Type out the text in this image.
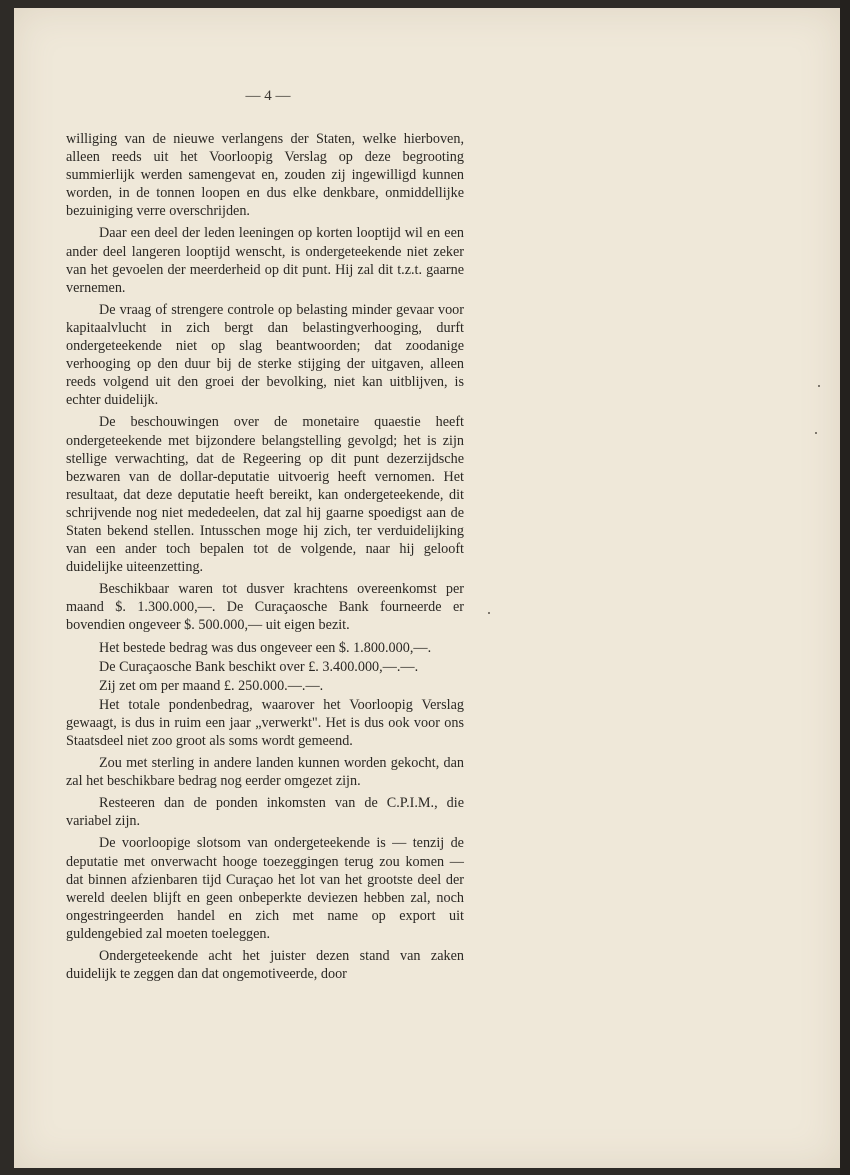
— 4 —

williging van de nieuwe verlangens der Staten, welke hierboven, alleen reeds uit het Voorloopig Verslag op deze begrooting summierlijk werden samengevat en, zouden zij ingewilligd kunnen worden, in de tonnen loopen en dus elke denkbare, onmiddellijke bezuiniging verre overschrijden.

Daar een deel der leden leeningen op korten looptijd wil en een ander deel langeren looptijd wenscht, is ondergeteekende niet zeker van het gevoelen der meerderheid op dit punt. Hij zal dit t.z.t. gaarne vernemen.

De vraag of strengere controle op belasting minder gevaar voor kapitaalvlucht in zich bergt dan belastingverhooging, durft ondergeteekende niet op slag beantwoorden; dat zoodanige verhooging op den duur bij de sterke stijging der uitgaven, alleen reeds volgend uit den groei der bevolking, niet kan uitblijven, is echter duidelijk.

De beschouwingen over de monetaire quaestie heeft ondergeteekende met bijzondere belangstelling gevolgd; het is zijn stellige verwachting, dat de Regeering op dit punt dezerzijdsche bezwaren van de dollar-deputatie uitvoerig heeft vernomen. Het resultaat, dat deze deputatie heeft bereikt, kan ondergeteekende, dit schrijvende nog niet mededeelen, dat zal hij gaarne spoedigst aan de Staten bekend stellen. Intusschen moge hij zich, ter verduidelijking van een ander toch bepalen tot de volgende, naar hij gelooft duidelijke uiteenzetting.

Beschikbaar waren tot dusver krachtens overeenkomst per maand $. 1.300.000,—. De Curaçaosche Bank fourneerde er bovendien ongeveer $. 500.000,— uit eigen bezit.

Het bestede bedrag was dus ongeveer een $. 1.800.000,—.

De Curaçaosche Bank beschikt over £. 3.400.000,—.—.

Zij zet om per maand £. 250.000.—.—.

Het totale pondenbedrag, waarover het Voorloopig Verslag gewaagt, is dus in ruim een jaar „verwerkt". Het is dus ook voor ons Staatsdeel niet zoo groot als soms wordt gemeend.

Zou met sterling in andere landen kunnen worden gekocht, dan zal het beschikbare bedrag nog eerder omgezet zijn.

Resteeren dan de ponden inkomsten van de C.P.I.M., die variabel zijn.

De voorloopige slotsom van ondergeteekende is — tenzij de deputatie met onverwacht hooge toezeggingen terug zou komen — dat binnen afzienbaren tijd Curaçao het lot van het grootste deel der wereld deelen blijft en geen onbeperkte deviezen hebben zal, noch ongestringeerden handel en zich met name op export uit guldengebied zal moeten toeleggen.

Ondergeteekende acht het juister dezen stand van zaken duidelijk te zeggen dan dat ongemotiveerde, door
